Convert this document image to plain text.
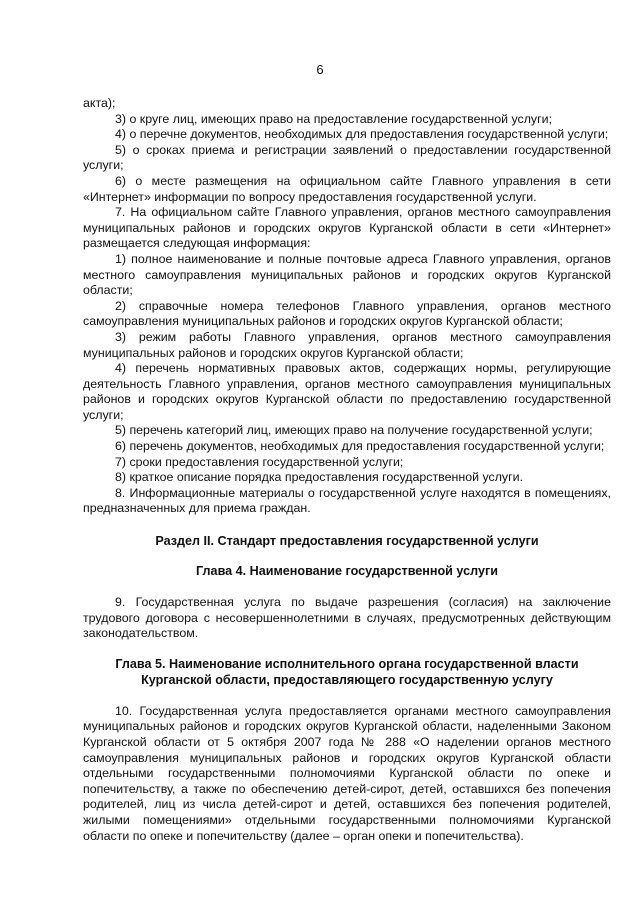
6

акта);

3) о круге лиц, имеющих право на предоставление государственной услуги;

4) о перечне документов, необходимых для предоставления государственной услуги;

5) о сроках приема и регистрации заявлений о предоставлении государственной услуги;

6) о месте размещения на официальном сайте Главного управления в сети «Интернет» информации по вопросу предоставления государственной услуги.

7. На официальном сайте Главного управления, органов местного самоуправления муниципальных районов и городских округов Курганской области в сети «Интернет» размещается следующая информация:

1) полное наименование и полные почтовые адреса Главного управления, органов местного самоуправления муниципальных районов и городских округов Курганской области;

2) справочные номера телефонов Главного управления, органов местного самоуправления муниципальных районов и городских округов Курганской области;

3) режим работы Главного управления, органов местного самоуправления муниципальных районов и городских округов Курганской области;

4) перечень нормативных правовых актов, содержащих нормы, регулирующие деятельность Главного управления, органов местного самоуправления муниципальных районов и городских округов Курганской области по предоставлению государственной услуги;

5) перечень категорий лиц, имеющих право на получение государственной услуги;

6) перечень документов, необходимых для предоставления государственной услуги;

7) сроки предоставления государственной услуги;

8) краткое описание порядка предоставления государственной услуги.

8. Информационные материалы о государственной услуге находятся в помещениях, предназначенных для приема граждан.

Раздел II. Стандарт предоставления государственной услуги

Глава 4. Наименование государственной услуги

9. Государственная услуга по выдаче разрешения (согласия) на заключение трудового договора с несовершеннолетними в случаях, предусмотренных действующим законодательством.

Глава 5. Наименование исполнительного органа государственной власти
Курганской области, предоставляющего государственную услугу

10. Государственная услуга предоставляется органами местного самоуправления муниципальных районов и городских округов Курганской области, наделенными Законом Курганской области от 5 октября 2007 года № 288 «О наделении органов местного самоуправления муниципальных районов и городских округов Курганской области отдельными государственными полномочиями Курганской области по опеке и попечительству, а также по обеспечению детей-сирот, детей, оставшихся без попечения родителей, лиц из числа детей-сирот и детей, оставшихся без попечения родителей, жилыми помещениями» отдельными государственными полномочиями Курганской области по опеке и попечительству (далее – орган опеки и попечительства).
